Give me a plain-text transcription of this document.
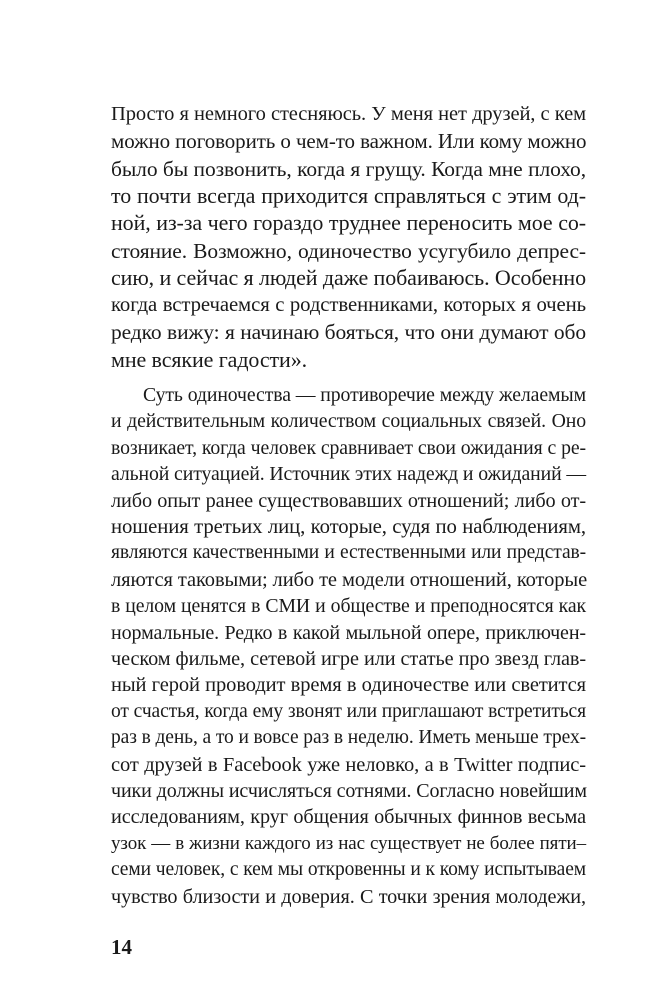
Просто я немного стесняюсь. У меня нет друзей, с кем
можно поговорить о чем-то важном. Или кому можно
было бы позвонить, когда я грущу. Когда мне плохо,
то почти всегда приходится справляться с этим од-
ной, из-за чего гораздо труднее переносить мое со-
стояние. Возможно, одиночество усугубило депрес-
сию, и сейчас я людей даже побаиваюсь. Особенно
когда встречаемся с родственниками, которых я очень
редко вижу: я начинаю бояться, что они думают обо
мне всякие гадости».
Суть одиночества — противоречие между желаемым
и действительным количеством социальных связей. Оно
возникает, когда человек сравнивает свои ожидания с ре-
альной ситуацией. Источник этих надежд и ожиданий —
либо опыт ранее существовавших отношений; либо от-
ношения третьих лиц, которые, судя по наблюдениям,
являются качественными и естественными или представ-
ляются таковыми; либо те модели отношений, которые
в целом ценятся в СМИ и обществе и преподносятся как
нормальные. Редко в какой мыльной опере, приключен-
ческом фильме, сетевой игре или статье про звезд глав-
ный герой проводит время в одиночестве или светится
от счастья, когда ему звонят или приглашают встретиться
раз в день, а то и вовсе раз в неделю. Иметь меньше трех-
сот друзей в Facebook уже неловко, а в Twitter подпис-
чики должны исчисляться сотнями. Согласно новейшим
исследованиям, круг общения обычных финнов весьма
узок — в жизни каждого из нас существует не более пяти–
семи человек, с кем мы откровенны и к кому испытываем
чувство близости и доверия. С точки зрения молодежи,
14
